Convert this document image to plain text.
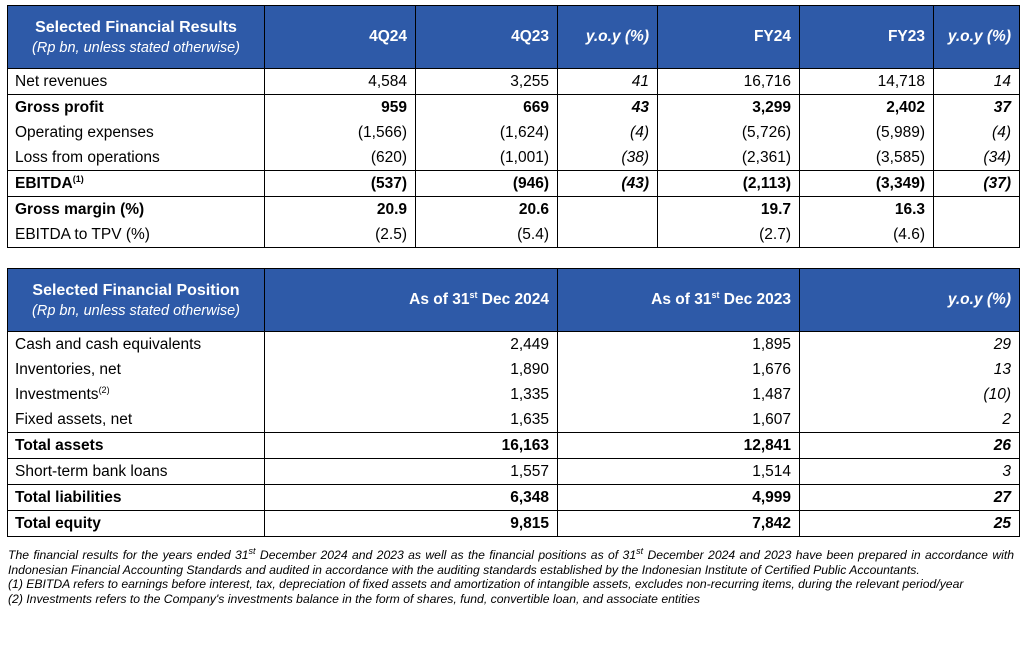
Selected Financial Results
(Rp bn, unless stated otherwise)	4Q24	4Q23	y.o.y (%)	FY24	FY23	y.o.y (%)
Net revenues	4,584	3,255	41	16,716	14,718	14
Gross profit	959	669	43	3,299	2,402	37
Operating expenses	(1,566)	(1,624)	(4)	(5,726)	(5,989)	(4)
Loss from operations	(620)	(1,001)	(38)	(2,361)	(3,585)	(34)
EBITDA$^{(1)}$	(537)	(946)	(43)	(2,113)	(3,349)	(37)
Gross margin (%)	20.9	20.6		19.7	16.3	
EBITDA to TPV (%)	(2.5)	(5.4)		(2.7)	(4.6)	
Selected Financial Position
(Rp bn, unless stated otherwise)	As of 31st Dec 2024	As of 31st Dec 2023	y.o.y (%)
Cash and cash equivalents	2,449	1,895	29
Inventories, net	1,890	1,676	13
Investments$^{(2)}$	1,335	1,487	(10)
Fixed assets, net	1,635	1,607	2
Total assets	16,163	12,841	26
Short-term bank loans	1,557	1,514	3
Total liabilities	6,348	4,999	27
Total equity	9,815	7,842	25

The financial results for the years ended 31st December 2024 and 2023 as well as the financial positions as of 31st December 2024 and 2023 have been prepared in accordance with Indonesian Financial Accounting Standards and audited in accordance with the auditing standards established by the Indonesian Institute of Certified Public Accountants.

(1) EBITDA refers to earnings before interest, tax, depreciation of fixed assets and amortization of intangible assets, excludes non-recurring items, during the relevant period/year

(2) Investments refers to the Company's investments balance in the form of shares, fund, convertible loan, and associate entities
